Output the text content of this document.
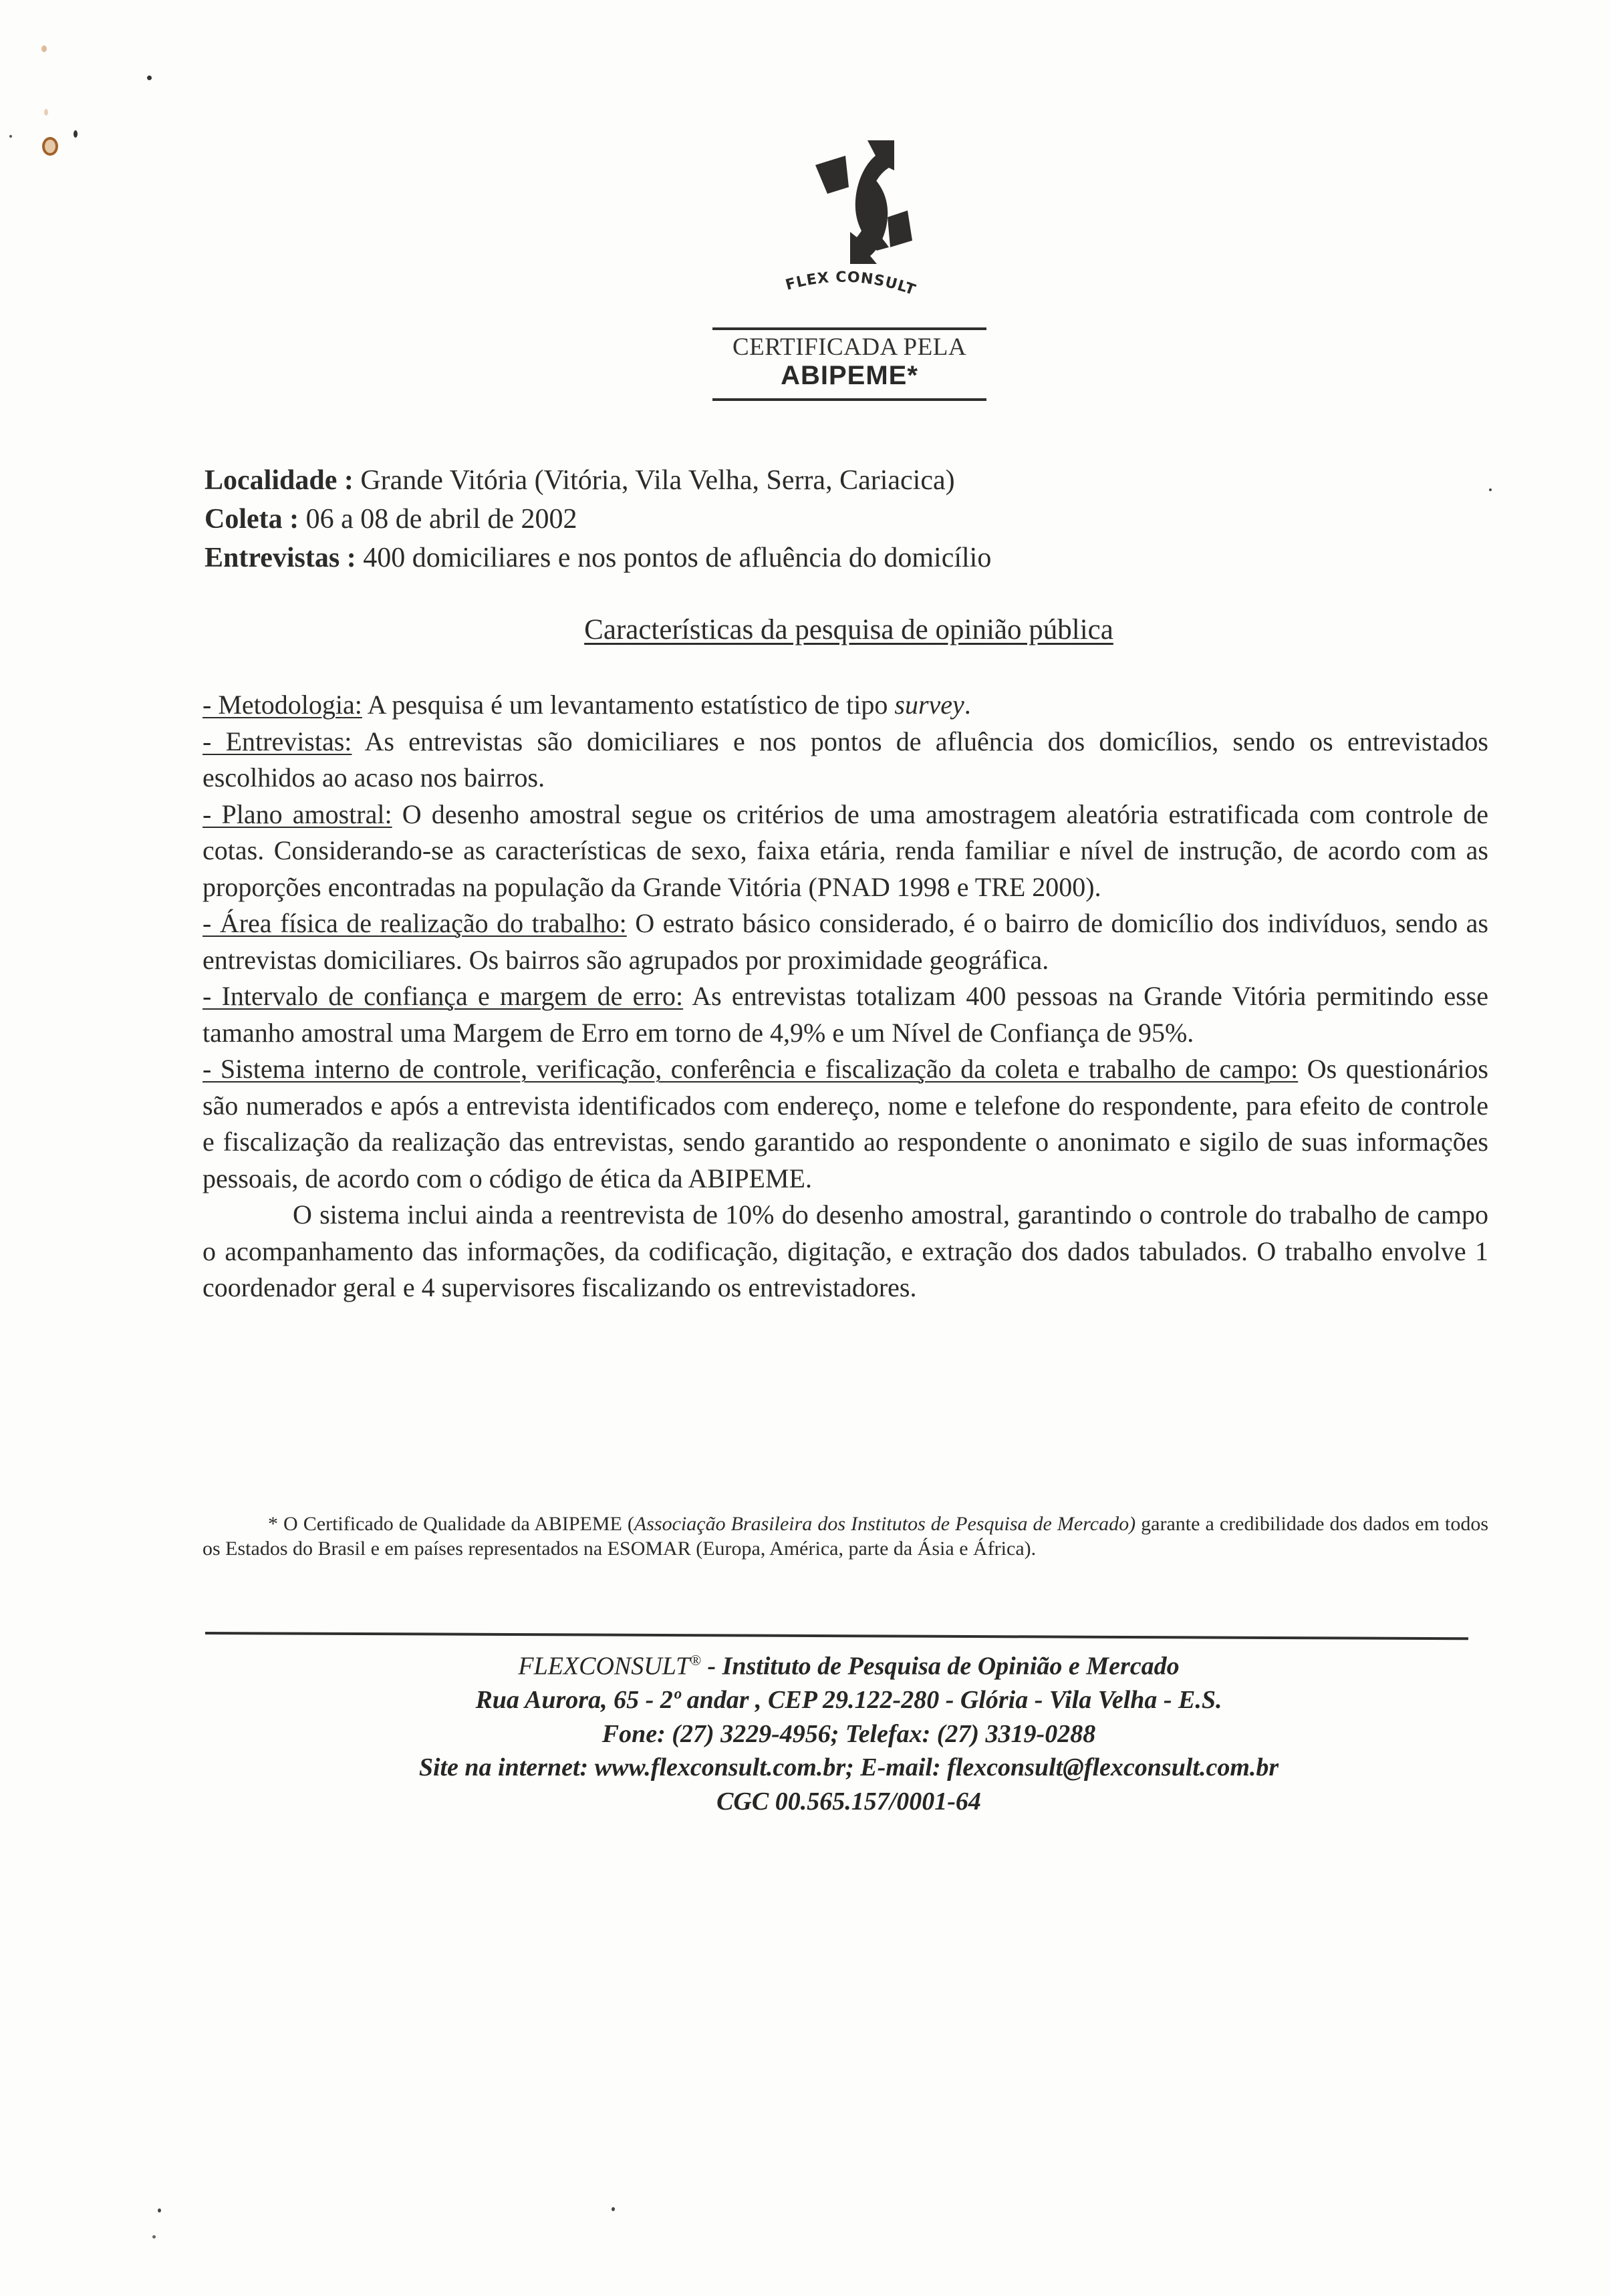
FLEX CONSULT
CERTIFICADA PELA
ABIPEME*
Localidade : Grande Vitória (Vitória, Vila Velha, Serra, Cariacica)
Coleta : 06 a 08 de abril de 2002
Entrevistas : 400 domiciliares e nos pontos de afluência do domicílio
Características da pesquisa de opinião pública

- Metodologia: A pesquisa é um levantamento estatístico de tipo survey.

- Entrevistas: As entrevistas são domiciliares e nos pontos de afluência dos domicílios, sendo os entrevistados escolhidos ao acaso nos bairros.

- Plano amostral: O desenho amostral segue os critérios de uma amostragem aleatória estratificada com controle de cotas. Considerando-se as características de sexo, faixa etária, renda familiar e nível de instrução, de acordo com as proporções encontradas na população da Grande Vitória (PNAD 1998 e TRE 2000).

- Área física de realização do trabalho: O estrato básico considerado, é o bairro de domicílio dos indivíduos, sendo as entrevistas domiciliares. Os bairros são agrupados por proximidade geográfica.

- Intervalo de confiança e margem de erro: As entrevistas totalizam 400 pessoas na Grande Vitória permitindo esse tamanho amostral uma Margem de Erro em torno de 4,9% e um Nível de Confiança de 95%.

- Sistema interno de controle, verificação, conferência e fiscalização da coleta e trabalho de campo: Os questionários são numerados e após a entrevista identificados com endereço, nome e telefone do respondente, para efeito de controle e fiscalização da realização das entrevistas, sendo garantido ao respondente o anonimato e sigilo de suas informações pessoais, de acordo com o código de ética da ABIPEME.

O sistema inclui ainda a reentrevista de 10% do desenho amostral, garantindo o controle do trabalho de campo o acompanhamento das informações, da codificação, digitação, e extração dos dados tabulados. O trabalho envolve 1 coordenador geral e 4 supervisores fiscalizando os entrevistadores.

* O Certificado de Qualidade da ABIPEME (Associação Brasileira dos Institutos de Pesquisa de Mercado) garante a credibilidade dos dados em todos os Estados do Brasil e em países representados na ESOMAR (Europa, América, parte da Ásia e África).

FLEXCONSULT® - Instituto de Pesquisa de Opinião e Mercado
Rua Aurora, 65 - 2º andar , CEP 29.122-280 - Glória - Vila Velha - E.S.
Fone: (27) 3229-4956; Telefax: (27) 3319-0288
Site na internet: www.flexconsult.com.br; E-mail: flexconsult@flexconsult.com.br
CGC 00.565.157/0001-64
